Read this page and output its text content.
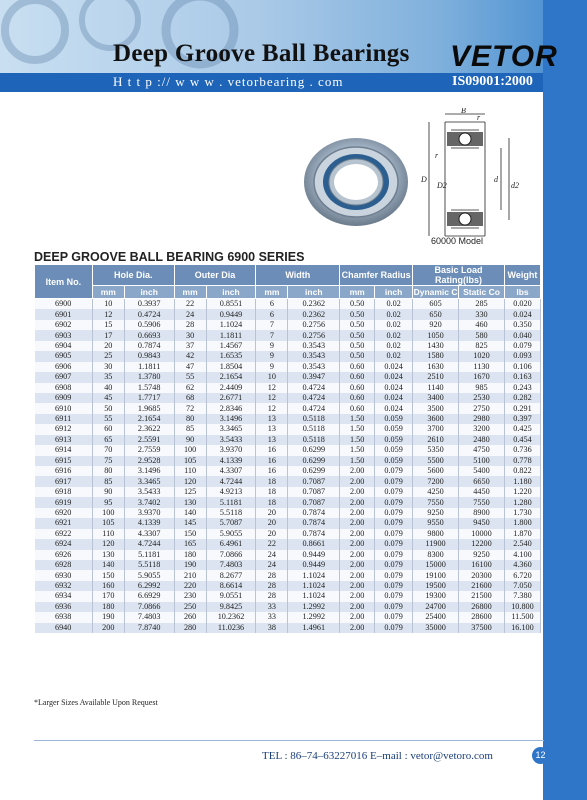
Deep Groove Ball Bearings VETOR
H t t p :// w w w . vetorbearing . com	IS09001:2000
B
r
r
D
D2
d
d2
60000 Model
DEEP GROOVE BALL BEARING 6900 SERIES
Item No.	Hole Dia.		Outer Dia		Width		Chamfer Radius		Basic Load Rating(lbs)		Weight
	mm	inch	mm	inch	mm	inch	mm	inch	Dynamic C	Static Co	lbs
6900	10	0.3937	22	0.8551	6	0.2362	0.50	0.02	605	285	0.020
6901	12	0.4724	24	0.9449	6	0.2362	0.50	0.02	650	330	0.024
6902	15	0.5906	28	1.1024	7	0.2756	0.50	0.02	920	460	0.350
6903	17	0.6693	30	1.1811	7	0.2756	0.50	0.02	1050	580	0.040
6904	20	0.7874	37	1.4567	9	0.3543	0.50	0.02	1430	825	0.079
6905	25	0.9843	42	1.6535	9	0.3543	0.50	0.02	1580	1020	0.093
6906	30	1.1811	47	1.8504	9	0.3543	0.60	0.024	1630	1130	0.106
6907	35	1.3780	55	2.1654	10	0.3947	0.60	0.024	2510	1670	0.163
6908	40	1.5748	62	2.4409	12	0.4724	0.60	0.024	1140	985	0.243
6909	45	1.7717	68	2.6771	12	0.4724	0.60	0.024	3400	2530	0.282
6910	50	1.9685	72	2.8346	12	0.4724	0.60	0.024	3500	2750	0.291
6911	55	2.1654	80	3.1496	13	0.5118	1.50	0.059	3600	2980	0.397
6912	60	2.3622	85	3.3465	13	0.5118	1.50	0.059	3700	3200	0.425
6913	65	2.5591	90	3.5433	13	0.5118	1.50	0.059	2610	2480	0.454
6914	70	2.7559	100	3.9370	16	0.6299	1.50	0.059	5350	4750	0.736
6915	75	2.9528	105	4.1339	16	0.6299	1.50	0.059	5500	5100	0.778
6916	80	3.1496	110	4.3307	16	0.6299	2.00	0.079	5600	5400	0.822
6917	85	3.3465	120	4.7244	18	0.7087	2.00	0.079	7200	6650	1.180
6918	90	3.5433	125	4.9213	18	0.7087	2.00	0.079	4250	4450	1.220
6919	95	3.7402	130	5.1181	18	0.7087	2.00	0.079	7550	7550	1.280
6920	100	3.9370	140	5.5118	20	0.7874	2.00	0.079	9250	8900	1.730
6921	105	4.1339	145	5.7087	20	0.7874	2.00	0.079	9550	9450	1.800
6922	110	4.3307	150	5.9055	20	0.7874	2.00	0.079	9800	10000	1.870
6924	120	4.7244	165	6.4961	22	0.8661	2.00	0.079	11900	12200	2.540
6926	130	5.1181	180	7.0866	24	0.9449	2.00	0.079	8300	9250	4.100
6928	140	5.5118	190	7.4803	24	0.9449	2.00	0.079	15000	16100	4.360
6930	150	5.9055	210	8.2677	28	1.1024	2.00	0.079	19100	20300	6.720
6932	160	6.2992	220	8.6614	28	1.1024	2.00	0.079	19500	21600	7.050
6934	170	6.6929	230	9.0551	28	1.1024	2.00	0.079	19300	21500	7.380
6936	180	7.0866	250	9.8425	33	1.2992	2.00	0.079	24700	26800	10.800
6938	190	7.4803	260	10.2362	33	1.2992	2.00	0.079	25400	28600	11.500
6940	200	7.8740	280	11.0236	38	1.4961	2.00	0.079	35000	37500	16.100
*Larger Sizes Available Upon Request
TEL : 86–74–63227016 E–mail : vetor@vetoro.com	12
